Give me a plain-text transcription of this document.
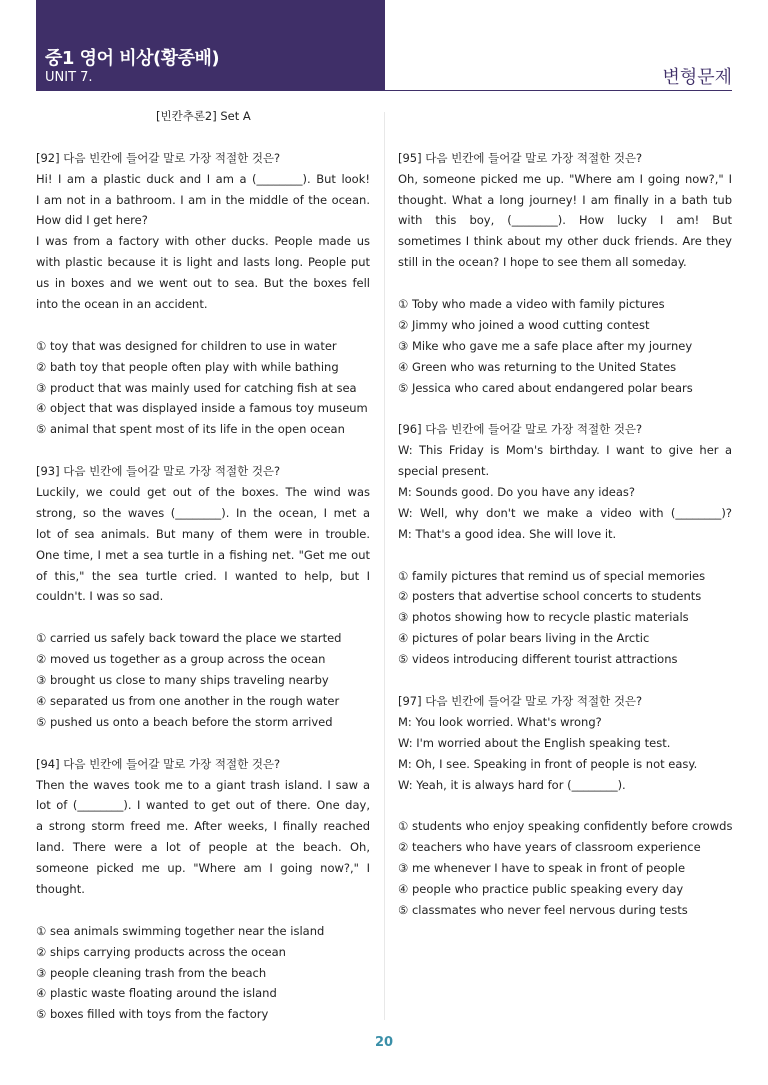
중1 영어 비상(황종배)
UNIT 7.	변형문제
[빈칸추론2] Set A
[92] 다음 빈칸에 들어갈 말로 가장 적절한 것은?
Hi! I am a plastic duck and I am a (________). But look!
I am not in a bathroom. I am in the middle of the ocean.
How did I get here?
I was from a factory with other ducks. People made us
with plastic because it is light and lasts long. People put
us in boxes and we went out to sea. But the boxes fell
into the ocean in an accident.
① toy that was designed for children to use in water
② bath toy that people often play with while bathing
③ product that was mainly used for catching fish at sea
④ object that was displayed inside a famous toy museum
⑤ animal that spent most of its life in the open ocean
[93] 다음 빈칸에 들어갈 말로 가장 적절한 것은?
Luckily, we could get out of the boxes. The wind was
strong, so the waves (________). In the ocean, I met a
lot of sea animals. But many of them were in trouble.
One time, I met a sea turtle in a fishing net. "Get me out
of this," the sea turtle cried. I wanted to help, but I
couldn't. I was so sad.
① carried us safely back toward the place we started
② moved us together as a group across the ocean
③ brought us close to many ships traveling nearby
④ separated us from one another in the rough water
⑤ pushed us onto a beach before the storm arrived
[94] 다음 빈칸에 들어갈 말로 가장 적절한 것은?
Then the waves took me to a giant trash island. I saw a
lot of (________). I wanted to get out of there. One day,
a strong storm freed me. After weeks, I finally reached
land. There were a lot of people at the beach. Oh,
someone picked me up. "Where am I going now?," I
thought.
① sea animals swimming together near the island
② ships carrying products across the ocean
③ people cleaning trash from the beach
④ plastic waste floating around the island
⑤ boxes filled with toys from the factory
[95] 다음 빈칸에 들어갈 말로 가장 적절한 것은?
Oh, someone picked me up. "Where am I going now?," I
thought. What a long journey! I am finally in a bath tub
with this boy, (________). How lucky I am! But
sometimes I think about my other duck friends. Are they
still in the ocean? I hope to see them all someday.
① Toby who made a video with family pictures
② Jimmy who joined a wood cutting contest
③ Mike who gave me a safe place after my journey
④ Green who was returning to the United States
⑤ Jessica who cared about endangered polar bears
[96] 다음 빈칸에 들어갈 말로 가장 적절한 것은?
W: This Friday is Mom's birthday. I want to give her a
special present.
M: Sounds good. Do you have any ideas?
W: Well, why don't we make a video with (________)?
M: That's a good idea. She will love it.
① family pictures that remind us of special memories
② posters that advertise school concerts to students
③ photos showing how to recycle plastic materials
④ pictures of polar bears living in the Arctic
⑤ videos introducing different tourist attractions
[97] 다음 빈칸에 들어갈 말로 가장 적절한 것은?
M: You look worried. What's wrong?
W: I'm worried about the English speaking test.
M: Oh, I see. Speaking in front of people is not easy.
W: Yeah, it is always hard for (________).
① students who enjoy speaking confidently before crowds
② teachers who have years of classroom experience
③ me whenever I have to speak in front of people
④ people who practice public speaking every day
⑤ classmates who never feel nervous during tests
20
